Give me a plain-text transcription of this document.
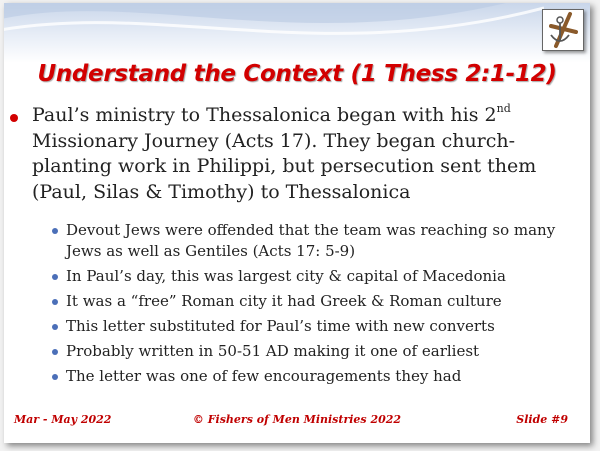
Understand the Context (1 Thess 2:1-12)
Paul’s ministry to Thessalonica began with his 2nd Missionary Journey (Acts 17). They began church-planting work in Philippi, but persecution sent them (Paul, Silas & Timothy) to Thessalonica
Devout Jews were offended that the team was reaching so many Jews as well as Gentiles (Acts 17: 5-9)
In Paul’s day, this was largest city & capital of Macedonia
It was a “free” Roman city it had Greek & Roman culture
This letter substituted for Paul’s time with new converts
Probably written in 50-51 AD making it one of earliest
The letter was one of few encouragements they had
Mar - May 2022	© Fishers of Men Ministries 2022	Slide #9
